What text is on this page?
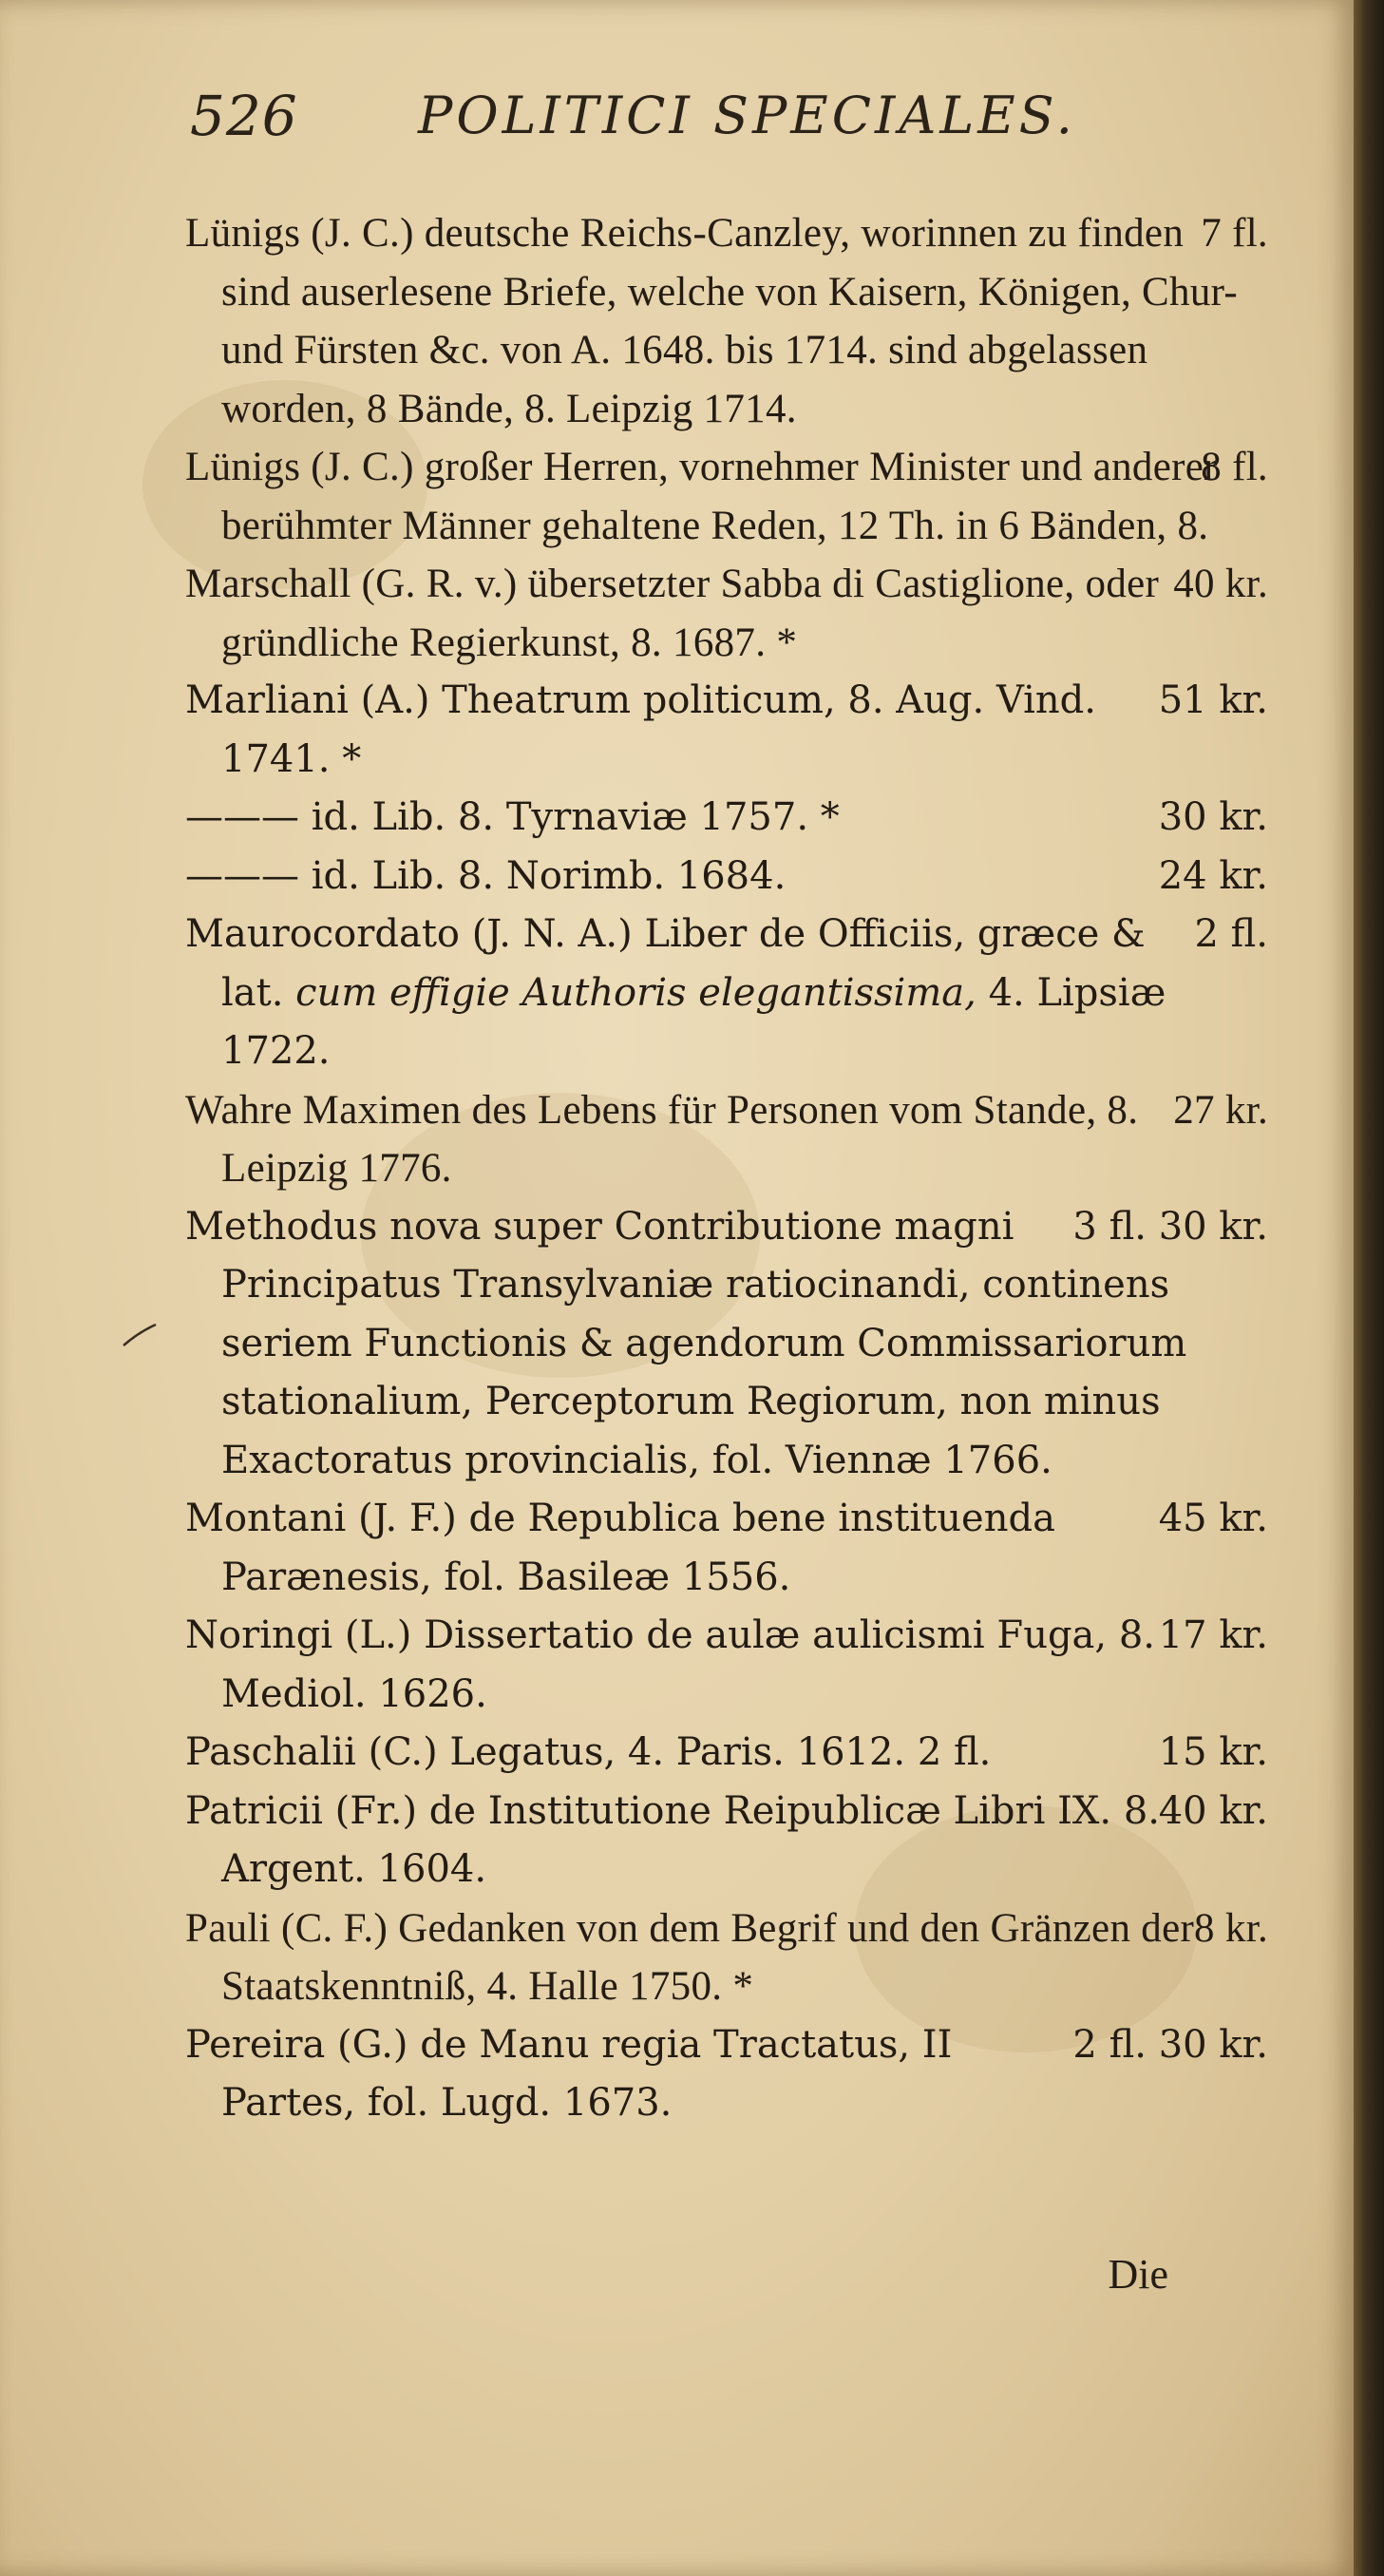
526 POLITICI SPECIALES.

7 fl.
Lünigs (J. C.) deutsche Reichs-Canzley, worinnen zu finden sind auserlesene Briefe, welche von Kaisern, Königen, Chur- und Fürsten &c. von A. 1648. bis 1714. sind abgelassen worden, 8 Bände, 8. Leipzig 1714.

8 fl.
Lünigs (J. C.) großer Herren, vornehmer Minister und anderer berühmter Männer gehaltene Reden, 12 Th. in 6 Bänden, 8.

40 kr.
Marschall (G. R. v.) übersetzter Sabba di Castiglione, oder gründliche Regierkunst, 8. 1687. *

51 kr.
Marliani (A.) Theatrum politicum, 8. Aug. Vind. 1741. *

30 kr.
——— id. Lib. 8. Tyrnaviæ 1757. *

24 kr.
——— id. Lib. 8. Norimb. 1684.

2 fl.
Maurocordato (J. N. A.) Liber de Officiis, græce & lat. cum effigie Authoris elegantissima, 4. Lipsiæ 1722.

27 kr.
Wahre Maximen des Lebens für Personen vom Stande, 8. Leipzig 1776.

3 fl. 30 kr.
Methodus nova super Contributione magni Principatus Transylvaniæ ratiocinandi, continens seriem Functionis & agendorum Commissariorum stationalium, Perceptorum Regiorum, non minus Exactoratus provincialis, fol. Viennæ 1766.

45 kr.
Montani (J. F.) de Republica bene instituenda Parænesis, fol. Basileæ 1556.

17 kr.
Noringi (L.) Dissertatio de aulæ aulicismi Fuga, 8. Mediol. 1626.

15 kr.
Paschalii (C.) Legatus, 4. Paris. 1612. 2 fl.

40 kr.
Patricii (Fr.) de Institutione Reipublicæ Libri IX. 8. Argent. 1604.

8 kr.
Pauli (C. F.) Gedanken von dem Begrif und den Gränzen der Staatskenntniß, 4. Halle 1750. *

2 fl. 30 kr.
Pereira (G.) de Manu regia Tractatus, II Partes, fol. Lugd. 1673.

Die
